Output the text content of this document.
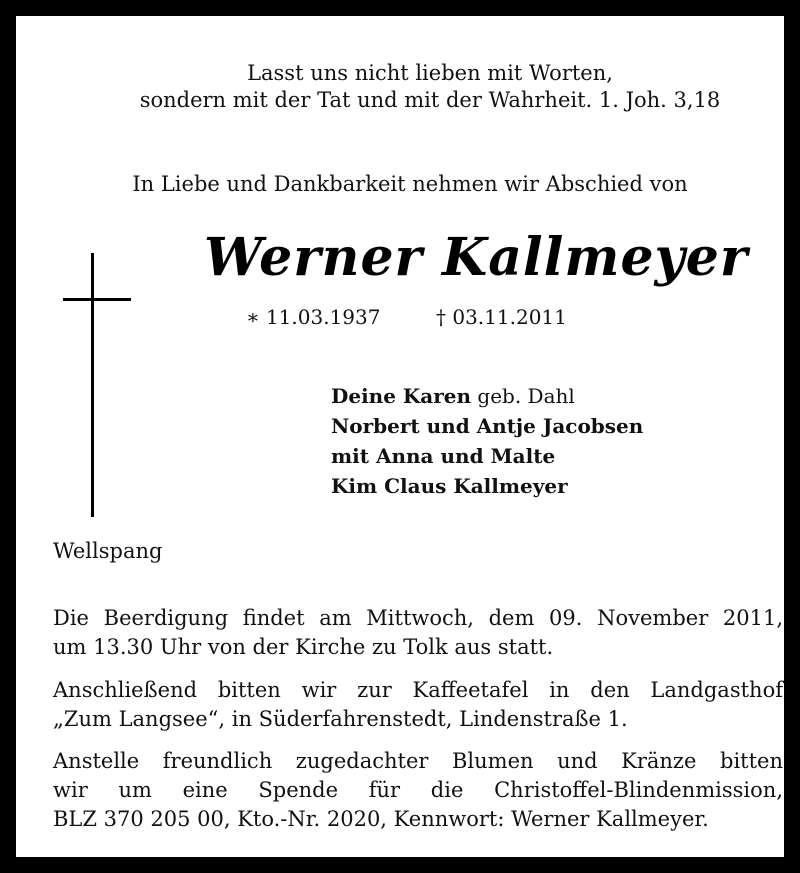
Lasst uns nicht lieben mit Worten,
sondern mit der Tat und mit der Wahrheit. 1. Joh. 3,18
In Liebe und Dankbarkeit nehmen wir Abschied von
Werner Kallmeyer
∗ 11.03.1937	† 03.11.2011
Deine Karen geb. Dahl
Norbert und Antje Jacobsen
mit Anna und Malte
Kim Claus Kallmeyer
Wellspang
Die Beerdigung findet am Mittwoch, dem 09. November 2011,
um 13.30 Uhr von der Kirche zu Tolk aus statt.
Anschließend bitten wir zur Kaffeetafel in den Landgasthof
„Zum Langsee“, in Süderfahrenstedt, Lindenstraße 1.
Anstelle freundlich zugedachter Blumen und Kränze bitten
wir um eine Spende für die Christoffel-Blindenmission,
BLZ 370 205 00, Kto.-Nr. 2020, Kennwort: Werner Kallmeyer.
